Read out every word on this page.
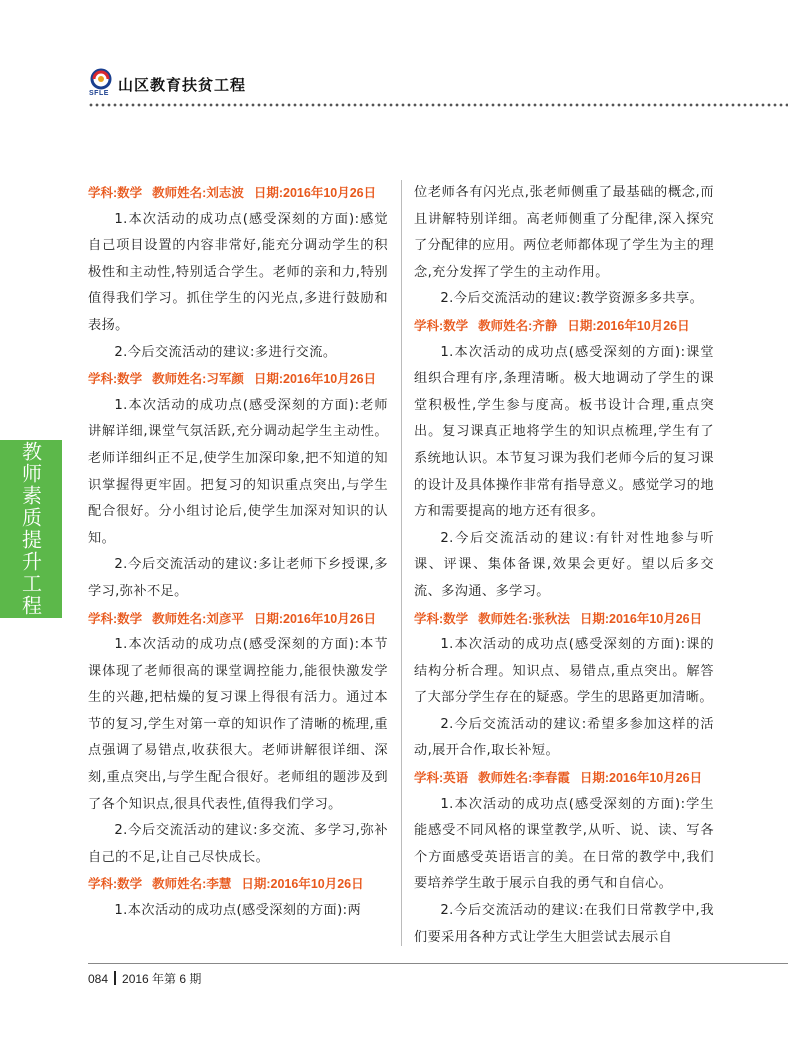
SFLE 山区教育扶贫工程
教师素质提升工程
学科:数学 教师姓名:刘志波 日期:2016年10月26日

1.本次活动的成功点(感受深刻的方面):感觉自己项目设置的内容非常好,能充分调动学生的积极性和主动性,特别适合学生。老师的亲和力,特别值得我们学习。抓住学生的闪光点,多进行鼓励和表扬。

2.今后交流活动的建议:多进行交流。

学科:数学 教师姓名:习军颜 日期:2016年10月26日

1.本次活动的成功点(感受深刻的方面):老师讲解详细,课堂气氛活跃,充分调动起学生主动性。老师详细纠正不足,使学生加深印象,把不知道的知识掌握得更牢固。把复习的知识重点突出,与学生配合很好。分小组讨论后,使学生加深对知识的认知。

2.今后交流活动的建议:多让老师下乡授课,多学习,弥补不足。

学科:数学 教师姓名:刘彦平 日期:2016年10月26日

1.本次活动的成功点(感受深刻的方面):本节课体现了老师很高的课堂调控能力,能很快激发学生的兴趣,把枯燥的复习课上得很有活力。通过本节的复习,学生对第一章的知识作了清晰的梳理,重点强调了易错点,收获很大。老师讲解很详细、深刻,重点突出,与学生配合很好。老师组的题涉及到了各个知识点,很具代表性,值得我们学习。

2.今后交流活动的建议:多交流、多学习,弥补自己的不足,让自己尽快成长。

学科:数学 教师姓名:李慧 日期:2016年10月26日

1.本次活动的成功点(感受深刻的方面):两

位老师各有闪光点,张老师侧重了最基础的概念,而且讲解特别详细。高老师侧重了分配律,深入探究了分配律的应用。两位老师都体现了学生为主的理念,充分发挥了学生的主动作用。

2.今后交流活动的建议:教学资源多多共享。

学科:数学 教师姓名:齐静 日期:2016年10月26日

1.本次活动的成功点(感受深刻的方面):课堂组织合理有序,条理清晰。极大地调动了学生的课堂积极性,学生参与度高。板书设计合理,重点突出。复习课真正地将学生的知识点梳理,学生有了系统地认识。本节复习课为我们老师今后的复习课的设计及具体操作非常有指导意义。感觉学习的地方和需要提高的地方还有很多。

2.今后交流活动的建议:有针对性地参与听课、评课、集体备课,效果会更好。望以后多交流、多沟通、多学习。

学科:数学 教师姓名:张秋法 日期:2016年10月26日

1.本次活动的成功点(感受深刻的方面):课的结构分析合理。知识点、易错点,重点突出。解答了大部分学生存在的疑惑。学生的思路更加清晰。

2.今后交流活动的建议:希望多参加这样的活动,展开合作,取长补短。

学科:英语 教师姓名:李春霞 日期:2016年10月26日

1.本次活动的成功点(感受深刻的方面):学生能感受不同风格的课堂教学,从听、说、读、写各个方面感受英语语言的美。在日常的教学中,我们要培养学生敢于展示自我的勇气和自信心。

2.今后交流活动的建议:在我们日常教学中,我们要采用各种方式让学生大胆尝试去展示自

084 2016 年第 6 期
